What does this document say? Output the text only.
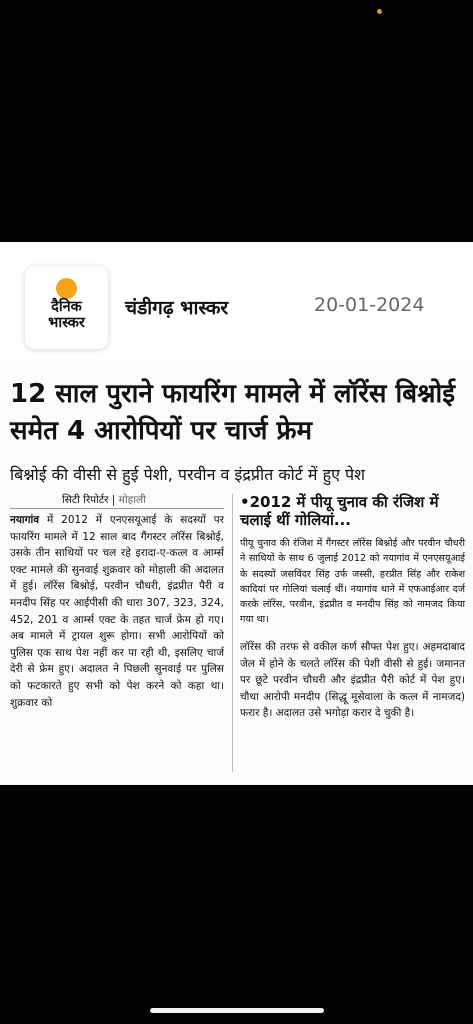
दैनिक
भास्कर
चंडीगढ़ भास्कर	20-01-2024
12 साल पुराने फायरिंग मामले में लॉरेंस बिश्नोई समेत 4 आरोपियों पर चार्ज फ्रेम
बिश्नोई की वीसी से हुई पेशी, परवीन व इंद्रप्रीत कोर्ट में हुए पेश
सिटी रिपोर्टर | मोहाली
नयागांव में 2012 में एनएसयूआई के सदस्यों पर फायरिंग मामले में 12 साल बाद गैंगस्टर लॉरेंस बिश्नोई, उसके तीन साथियों पर चल रहे इरादा-ए-कत्ल व आर्म्स एक्ट मामले की सुनवाई शुक्रवार को मोहाली की अदालत में हुई। लॉरेंस बिश्नोई, परवीन चौधरी, इंद्रप्रीत पैरी व मनदीप सिंह पर आईपीसी की धारा 307, 323, 324, 452, 201 व आर्म्स एक्ट के तहत चार्ज फ्रेम हो गए। अब मामले में ट्रायल शुरू होगा। सभी आरोपियों को पुलिस एक साथ पेश नहीं कर पा रही थी, इसलिए चार्ज देरी से फ्रेम हुए। अदालत ने पिछली सुनवाई पर पुलिस को फटकारते हुए सभी को पेश करने को कहा था। शुक्रवार को
•2012 में पीयू चुनाव की रंजिश में चलाई थीं गोलियां...
पीयू चुनाव की रंजिश में गैंगस्टर लॉरेंस बिश्नोई और परवीन चौधरी ने साथियों के साथ 6 जुलाई 2012 को नयागांव में एनएसयूआई के सदस्यों जसविंदर सिंह उर्फ जस्सी, हरप्रीत सिंह और राकेश कादियां पर गोलियां चलाई थीं। नयागांव थाने में एफआईआर दर्ज करके लॉरेंस, परवीन, इंद्रप्रीत व मनदीप सिंह को नामजद किया गया था।
लॉरेंस की तरफ से वकील कर्ण सौफ्त पेश हुए। अहमदाबाद जेल में होने के चलते लॉरेंस की पेशी वीसी से हुई। जमानत पर छूटे परवीन चौधरी और इंद्रप्रीत पैरी कोर्ट में पेश हुए। चौथा आरोपी मनदीप (सिद्धू मूसेवाला के कत्ल में नामजद) फरार है। अदालत उसे भगोड़ा करार दे चुकी है।
